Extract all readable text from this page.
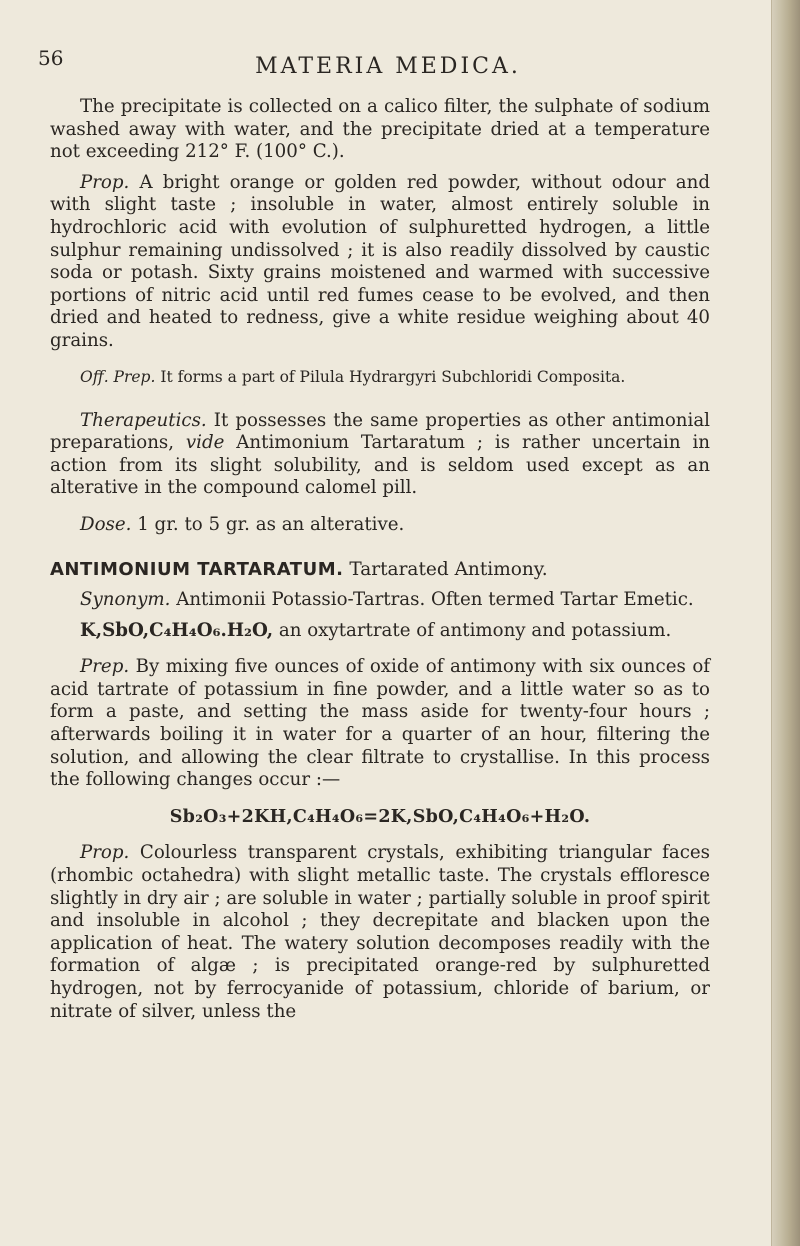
56	MATERIA MEDICA.

The precipitate is collected on a calico filter, the sulphate of sodium washed away with water, and the precipitate dried at a temperature not exceeding 212° F. (100° C.).

Prop. A bright orange or golden red powder, without odour and with slight taste ; insoluble in water, almost entirely soluble in hydrochloric acid with evolution of sulphuretted hydrogen, a little sulphur remaining undissolved ; it is also readily dissolved by caustic soda or potash. Sixty grains moistened and warmed with successive portions of nitric acid until red fumes cease to be evolved, and then dried and heated to redness, give a white residue weighing about 40 grains.

Off. Prep. It forms a part of Pilula Hydrargyri Subchloridi Composita.

Therapeutics. It possesses the same properties as other antimonial preparations, vide Antimonium Tartaratum ; is rather uncertain in action from its slight solubility, and is seldom used except as an alterative in the compound calomel pill.

Dose. 1 gr. to 5 gr. as an alterative.

ANTIMONIUM TARTARATUM. Tartarated Antimony.

Synonym. Antimonii Potassio-Tartras. Often termed Tartar Emetic.

K,SbO,C₄H₄O₆.H₂O, an oxytartrate of antimony and potassium.

Prep. By mixing five ounces of oxide of antimony with six ounces of acid tartrate of potassium in fine powder, and a little water so as to form a paste, and setting the mass aside for twenty-four hours ; afterwards boiling it in water for a quarter of an hour, filtering the solution, and allowing the clear filtrate to crystallise. In this process the following changes occur :—

Sb₂O₃+2KH,C₄H₄O₆=2K,SbO,C₄H₄O₆+H₂O.

Prop. Colourless transparent crystals, exhibiting triangular faces (rhombic octahedra) with slight metallic taste. The crystals effloresce slightly in dry air ; are soluble in water ; partially soluble in proof spirit and insoluble in alcohol ; they decrepitate and blacken upon the application of heat. The watery solution decomposes readily with the formation of algæ ; is precipitated orange-red by sulphuretted hydrogen, not by ferrocyanide of potassium, chloride of barium, or nitrate of silver, unless the
